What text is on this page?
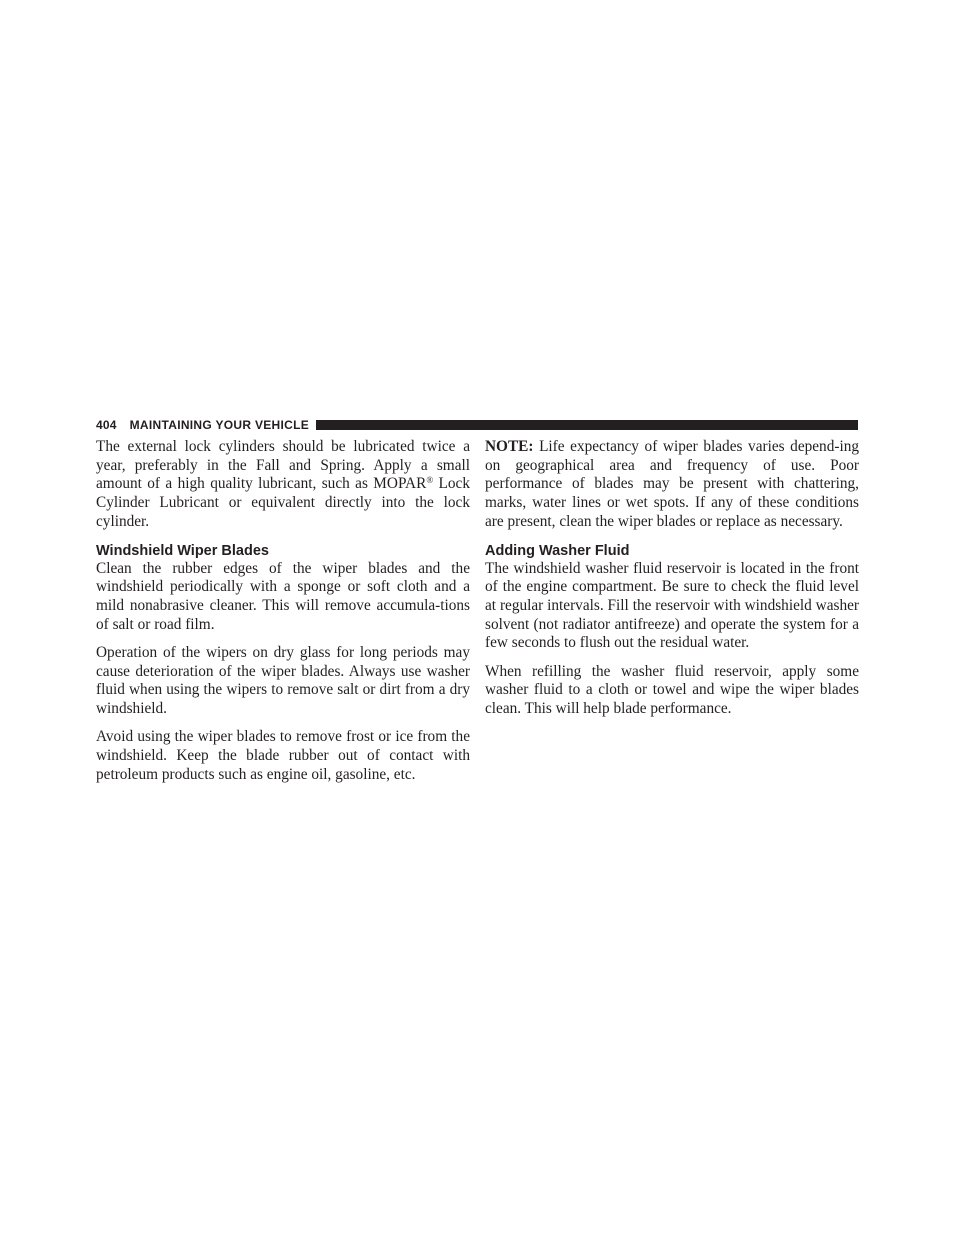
404 MAINTAINING YOUR VEHICLE

The external lock cylinders should be lubricated twice a year, preferably in the Fall and Spring. Apply a small amount of a high quality lubricant, such as MOPAR® Lock Cylinder Lubricant or equivalent directly into the lock cylinder.

Windshield Wiper Blades

Clean the rubber edges of the wiper blades and the windshield periodically with a sponge or soft cloth and a mild nonabrasive cleaner. This will remove accumula-tions of salt or road film.

Operation of the wipers on dry glass for long periods may cause deterioration of the wiper blades. Always use washer fluid when using the wipers to remove salt or dirt from a dry windshield.

Avoid using the wiper blades to remove frost or ice from the windshield. Keep the blade rubber out of contact with petroleum products such as engine oil, gasoline, etc.

NOTE: Life expectancy of wiper blades varies depend-ing on geographical area and frequency of use. Poor performance of blades may be present with chattering, marks, water lines or wet spots. If any of these conditions are present, clean the wiper blades or replace as necessary.

Adding Washer Fluid

The windshield washer fluid reservoir is located in the front of the engine compartment. Be sure to check the fluid level at regular intervals. Fill the reservoir with windshield washer solvent (not radiator antifreeze) and operate the system for a few seconds to flush out the residual water.

When refilling the washer fluid reservoir, apply some washer fluid to a cloth or towel and wipe the wiper blades clean. This will help blade performance.
